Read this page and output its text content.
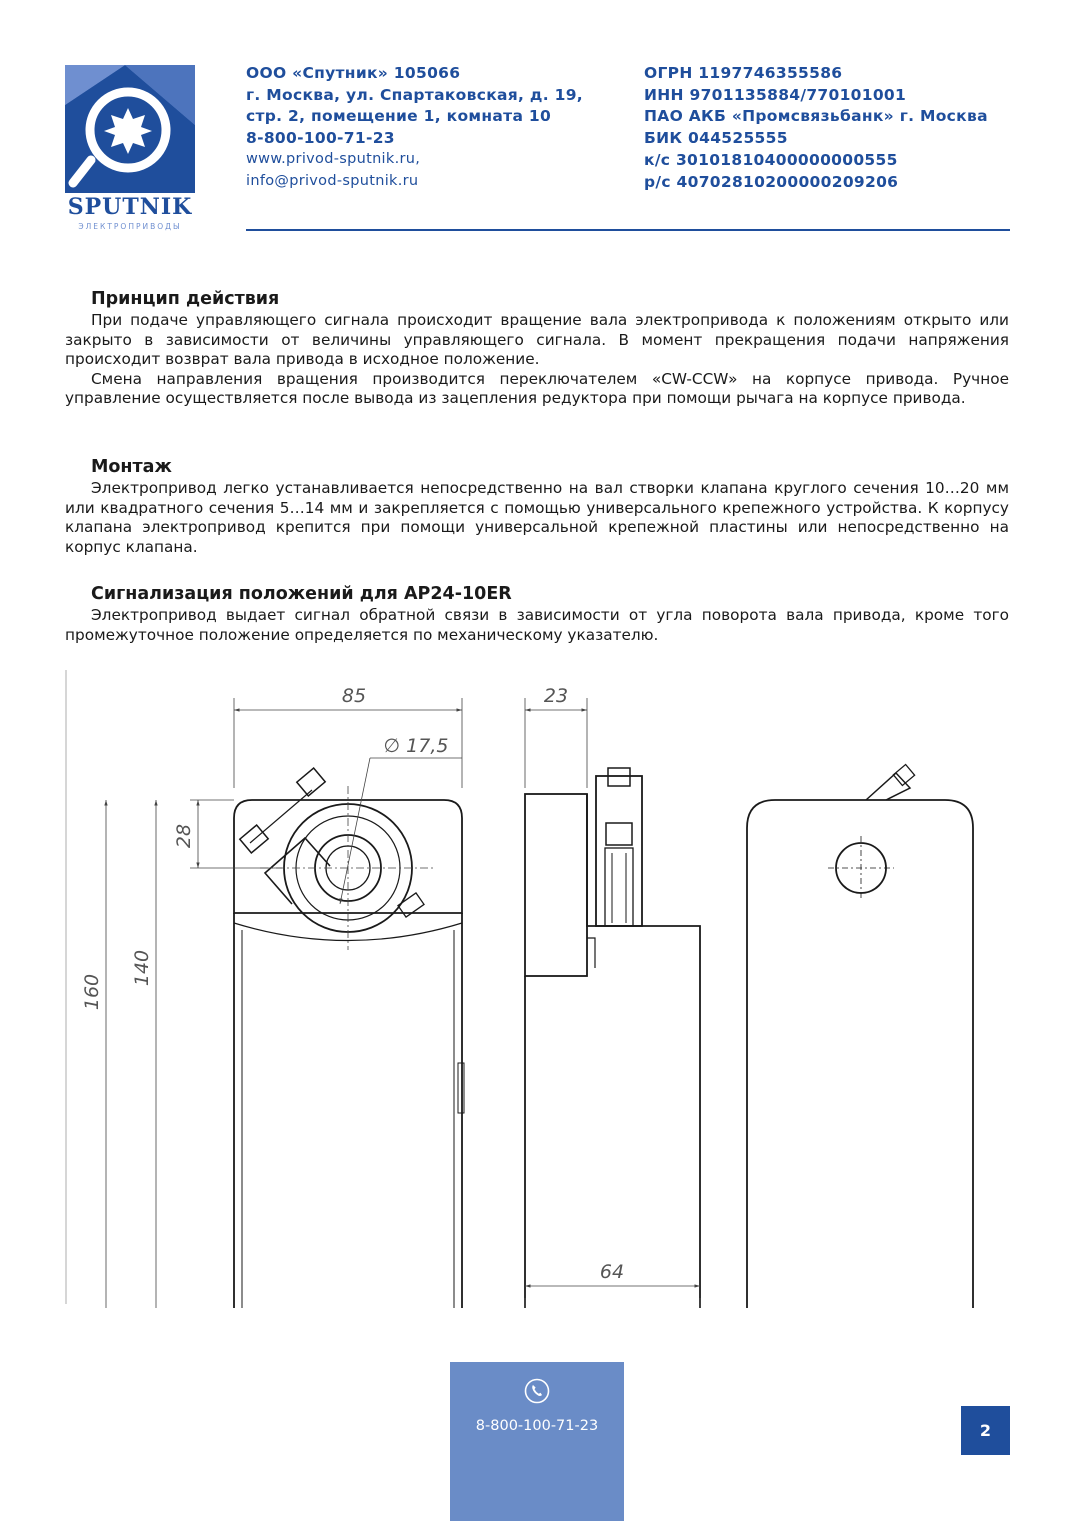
SPUTNIK
ЭЛЕКТРОПРИВОДЫ
ООО «Спутник» 105066
г. Москва, ул. Спартаковская, д. 19,
стр. 2, помещение 1, комната 10
8-800-100-71-23
www.privod-sputnik.ru,
info@privod-sputnik.ru
ОГРН 1197746355586
ИНН 9701135884/770101001
ПАО АКБ «Промсвязьбанк» г. Москва
БИК 044525555
к/с 30101810400000000555
р/с 40702810200000209206
Принцип действия

При подаче управляющего сигнала происходит вращение вала электропривода к положениям открыто или закрыто в зависимости от величины управляющего сигнала. В момент прекращения подачи напряжения происходит возврат вала привода в исходное положение.

Смена направления вращения производится переключателем «CW-CCW» на корпусе привода. Ручное управление осуществляется после вывода из зацепления редуктора при помощи рычага на корпусе привода.

Монтаж

Электропривод легко устанавливается непосредственно на вал створки клапана круглого сечения 10…20 мм или квадратного сечения 5…14 мм и закрепляется с помощью универсального крепежного устройства. К корпусу клапана электропривод крепится при помощи универсальной крепежной пластины или непосредственно на корпус клапана.

Сигнализация положений для AP24-10ER

Электропривод выдает сигнал обратной связи в зависимости от угла поворота вала привода, кроме того промежуточное положение определяется по механическому указателю.

85
∅ 17,5
28
140
160
23
64
8-800-100-71-23	2
